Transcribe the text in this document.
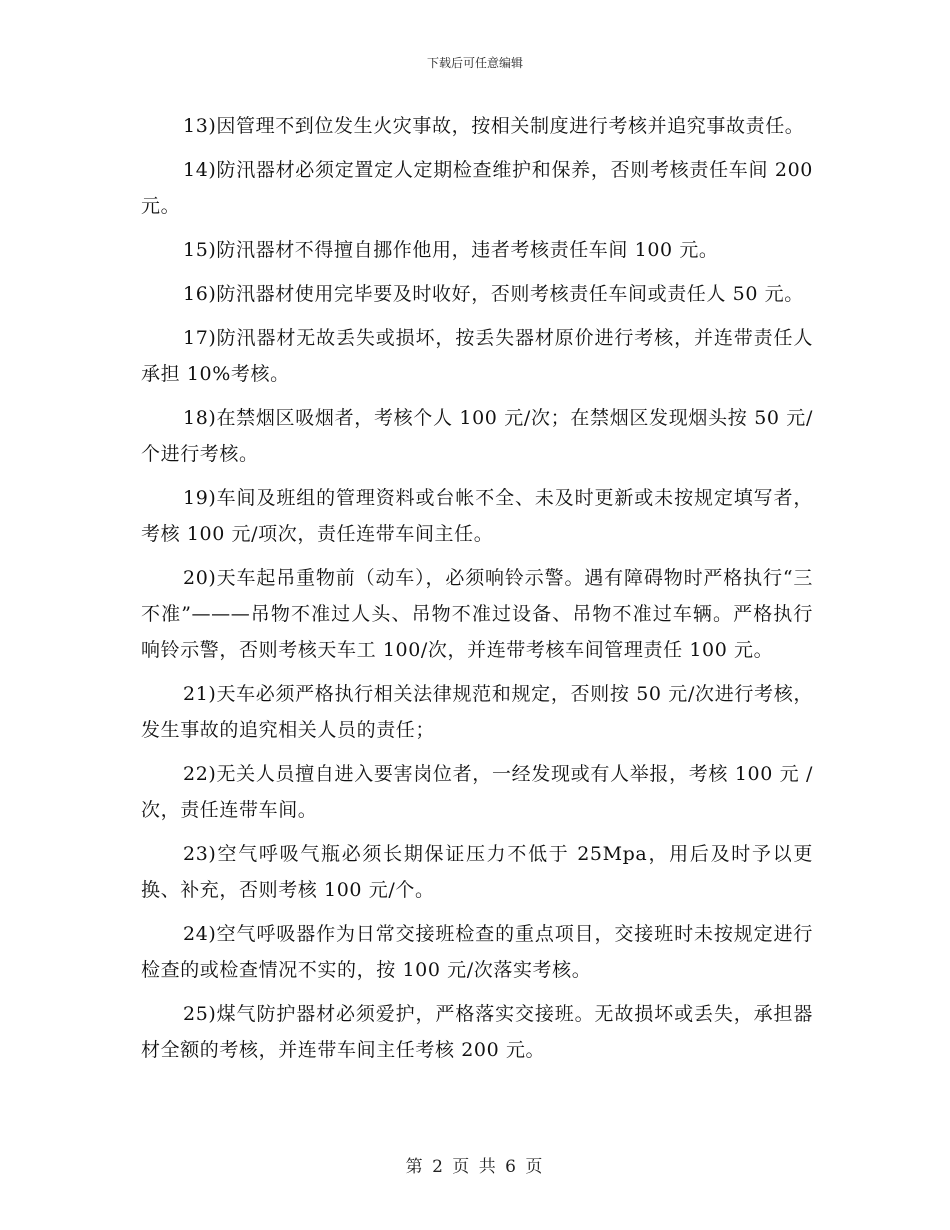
下载后可任意编辑

13)因管理不到位发生火灾事故，按相关制度进行考核并追究事故责任。

14)防汛器材必须定置定人定期检查维护和保养，否则考核责任车间 200 元。

15)防汛器材不得擅自挪作他用，违者考核责任车间 100 元。

16)防汛器材使用完毕要及时收好，否则考核责任车间或责任人 50 元。

17)防汛器材无故丢失或损坏，按丢失器材原价进行考核，并连带责任人承担 10%考核。

18)在禁烟区吸烟者，考核个人 100 元/次；在禁烟区发现烟头按 50 元/个进行考核。

19)车间及班组的管理资料或台帐不全、未及时更新或未按规定填写者，考核 100 元/项次，责任连带车间主任。

20)天车起吊重物前（动车），必须响铃示警。遇有障碍物时严格执行“三不准”———吊物不准过人头、吊物不准过设备、吊物不准过车辆。严格执行响铃示警，否则考核天车工 100/次，并连带考核车间管理责任 100 元。

21)天车必须严格执行相关法律规范和规定，否则按 50 元/次进行考核，发生事故的追究相关人员的责任；

22)无关人员擅自进入要害岗位者，一经发现或有人举报，考核 100 元 / 次，责任连带车间。

23)空气呼吸气瓶必须长期保证压力不低于 25Mpa，用后及时予以更换、补充，否则考核 100 元/个。

24)空气呼吸器作为日常交接班检查的重点项目，交接班时未按规定进行检查的或检查情况不实的，按 100 元/次落实考核。

25)煤气防护器材必须爱护，严格落实交接班。无故损坏或丢失，承担器材全额的考核，并连带车间主任考核 200 元。

第 2 页 共 6 页
